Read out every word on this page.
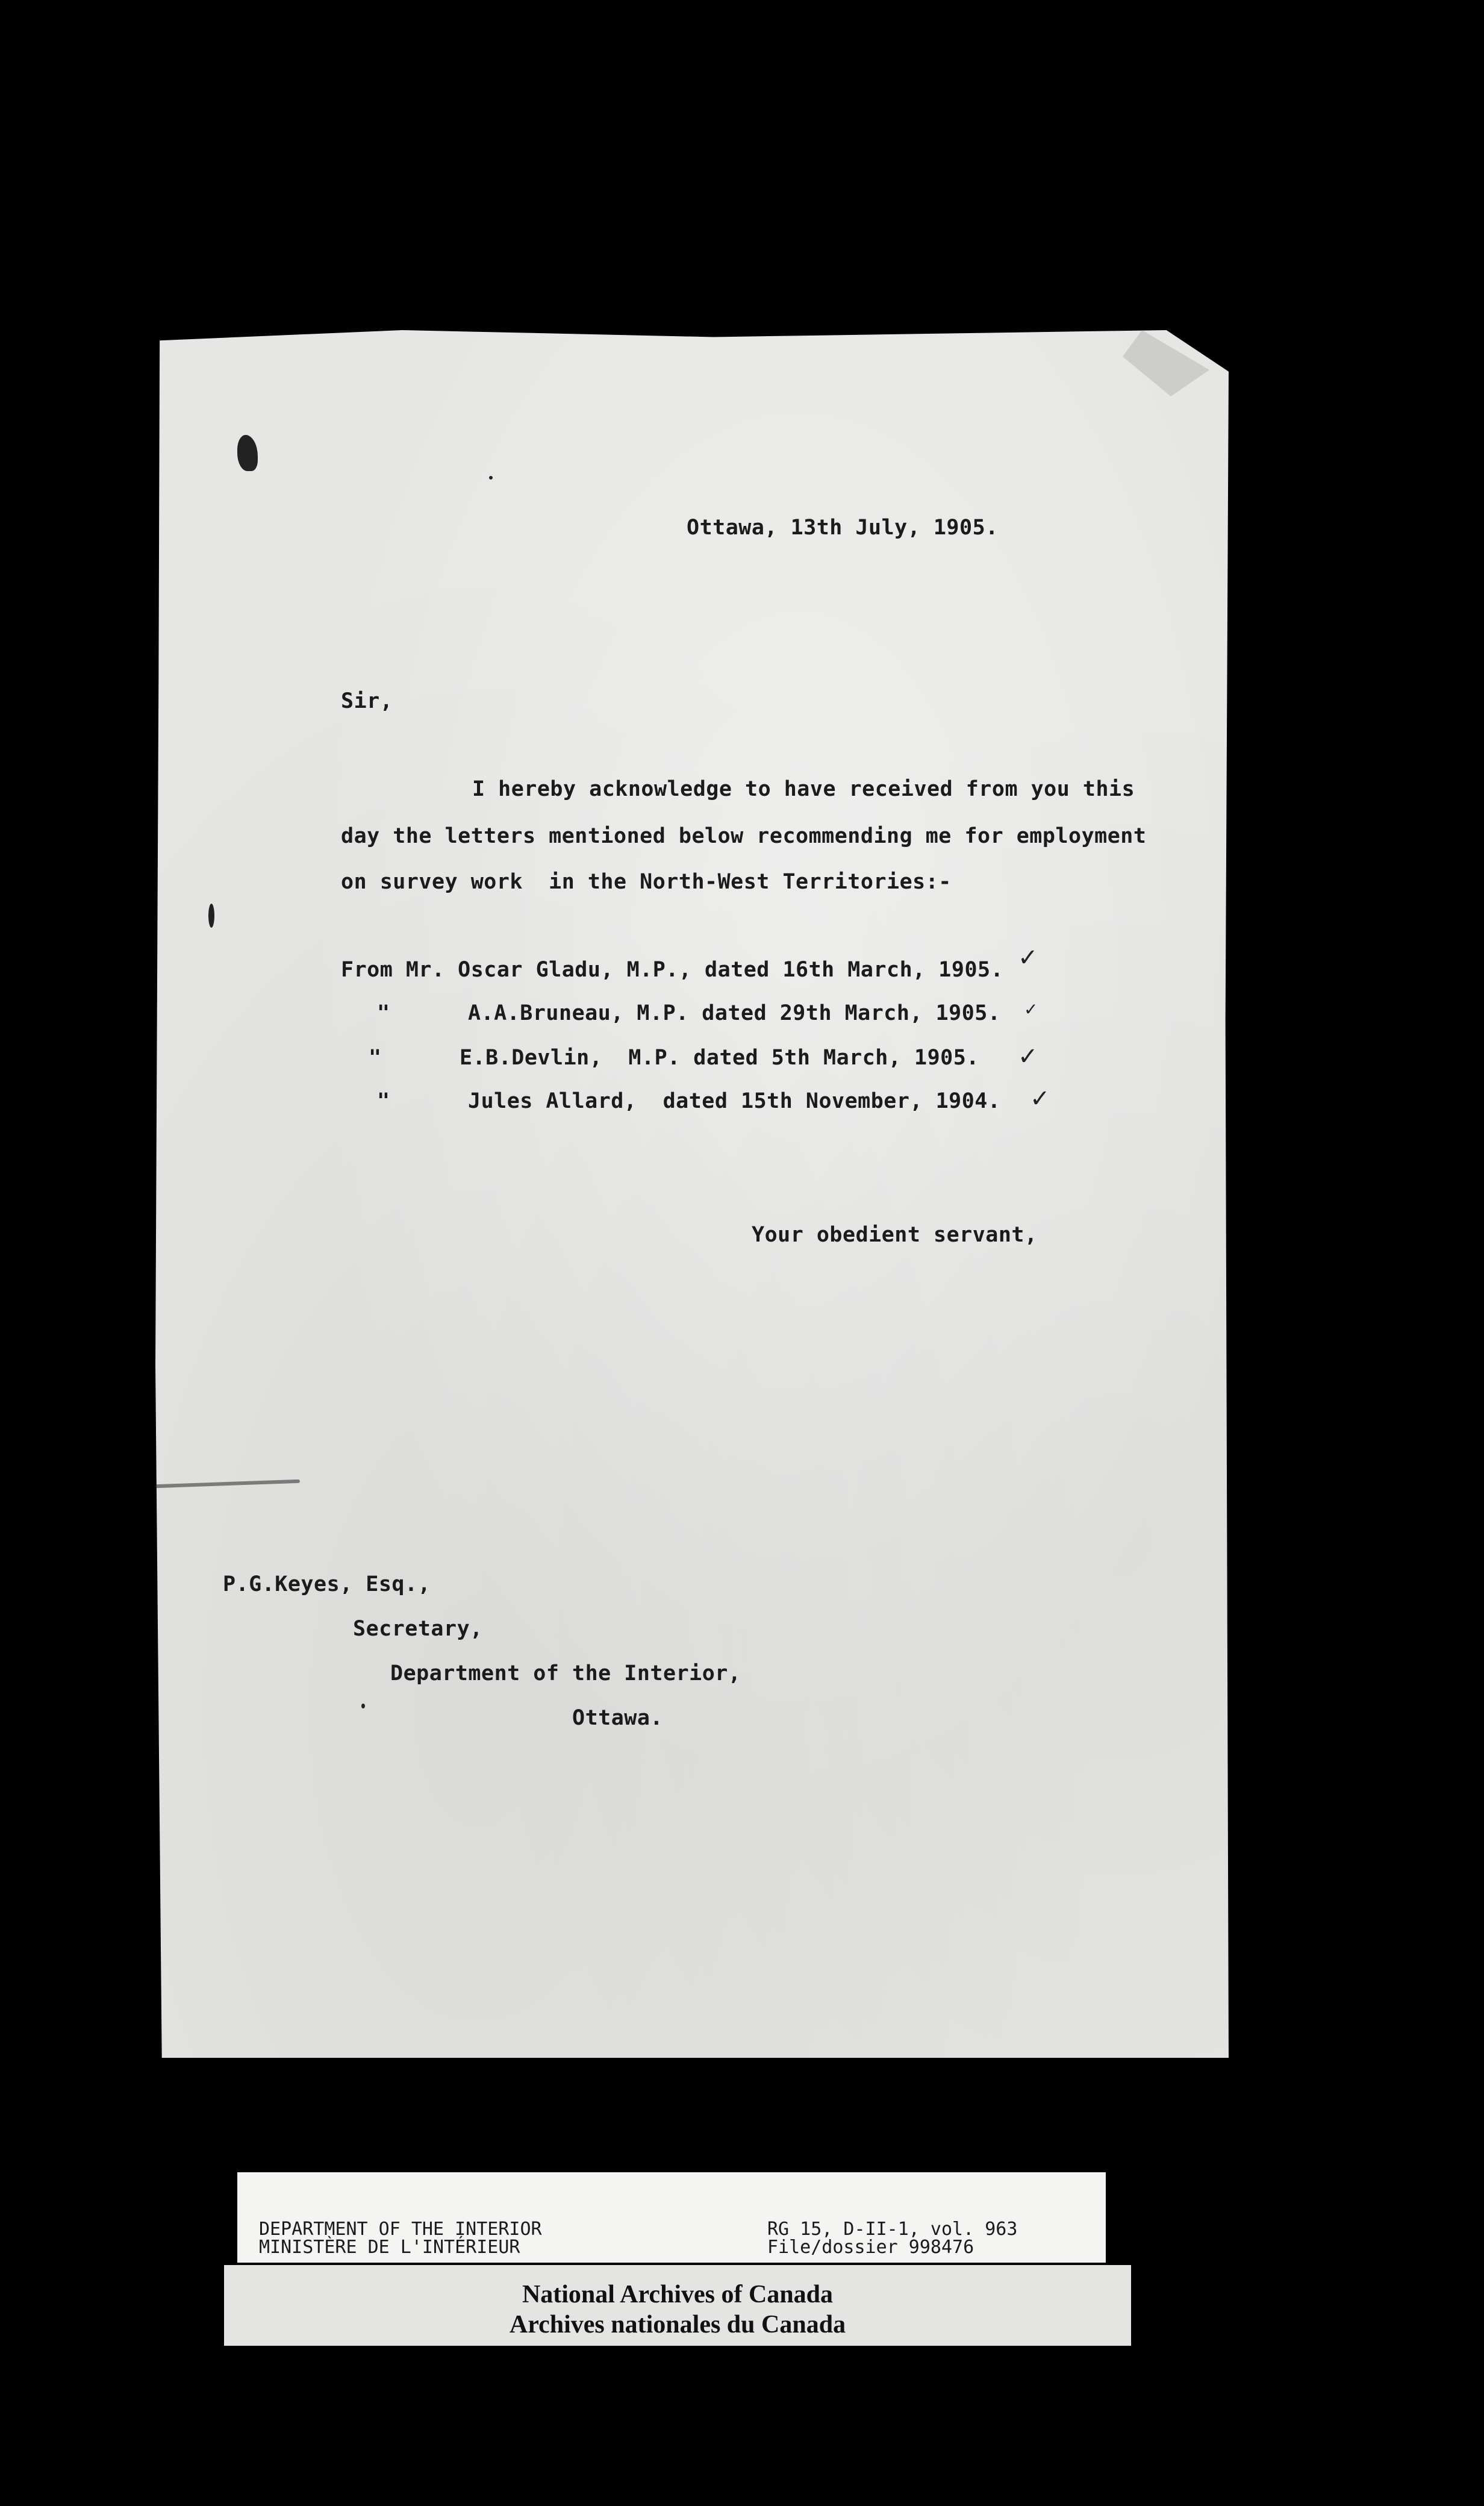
Ottawa, 13th July, 1905.

Sir,

I hereby acknowledge to have received from you this

day the letters mentioned below recommending me for employment

on survey work  in the North-West Territories:-

From Mr. Oscar Gladu, M.P., dated 16th March, 1905.

"      A.A.Bruneau, M.P. dated 29th March, 1905.

"      E.B.Devlin,  M.P. dated 5th March, 1905.

"      Jules Allard,  dated 15th November, 1904.

✓
✓
✓
✓

Your obedient servant,

P.G.Keyes, Esq.,

Secretary,

Department of the Interior,

Ottawa.

DEPARTMENT OF THE INTERIOR
MINISTÈRE DE L'INTÉRIEUR
RG 15, D-II-1, vol. 963
File/dossier 998476
National Archives of Canada
Archives nationales du Canada
